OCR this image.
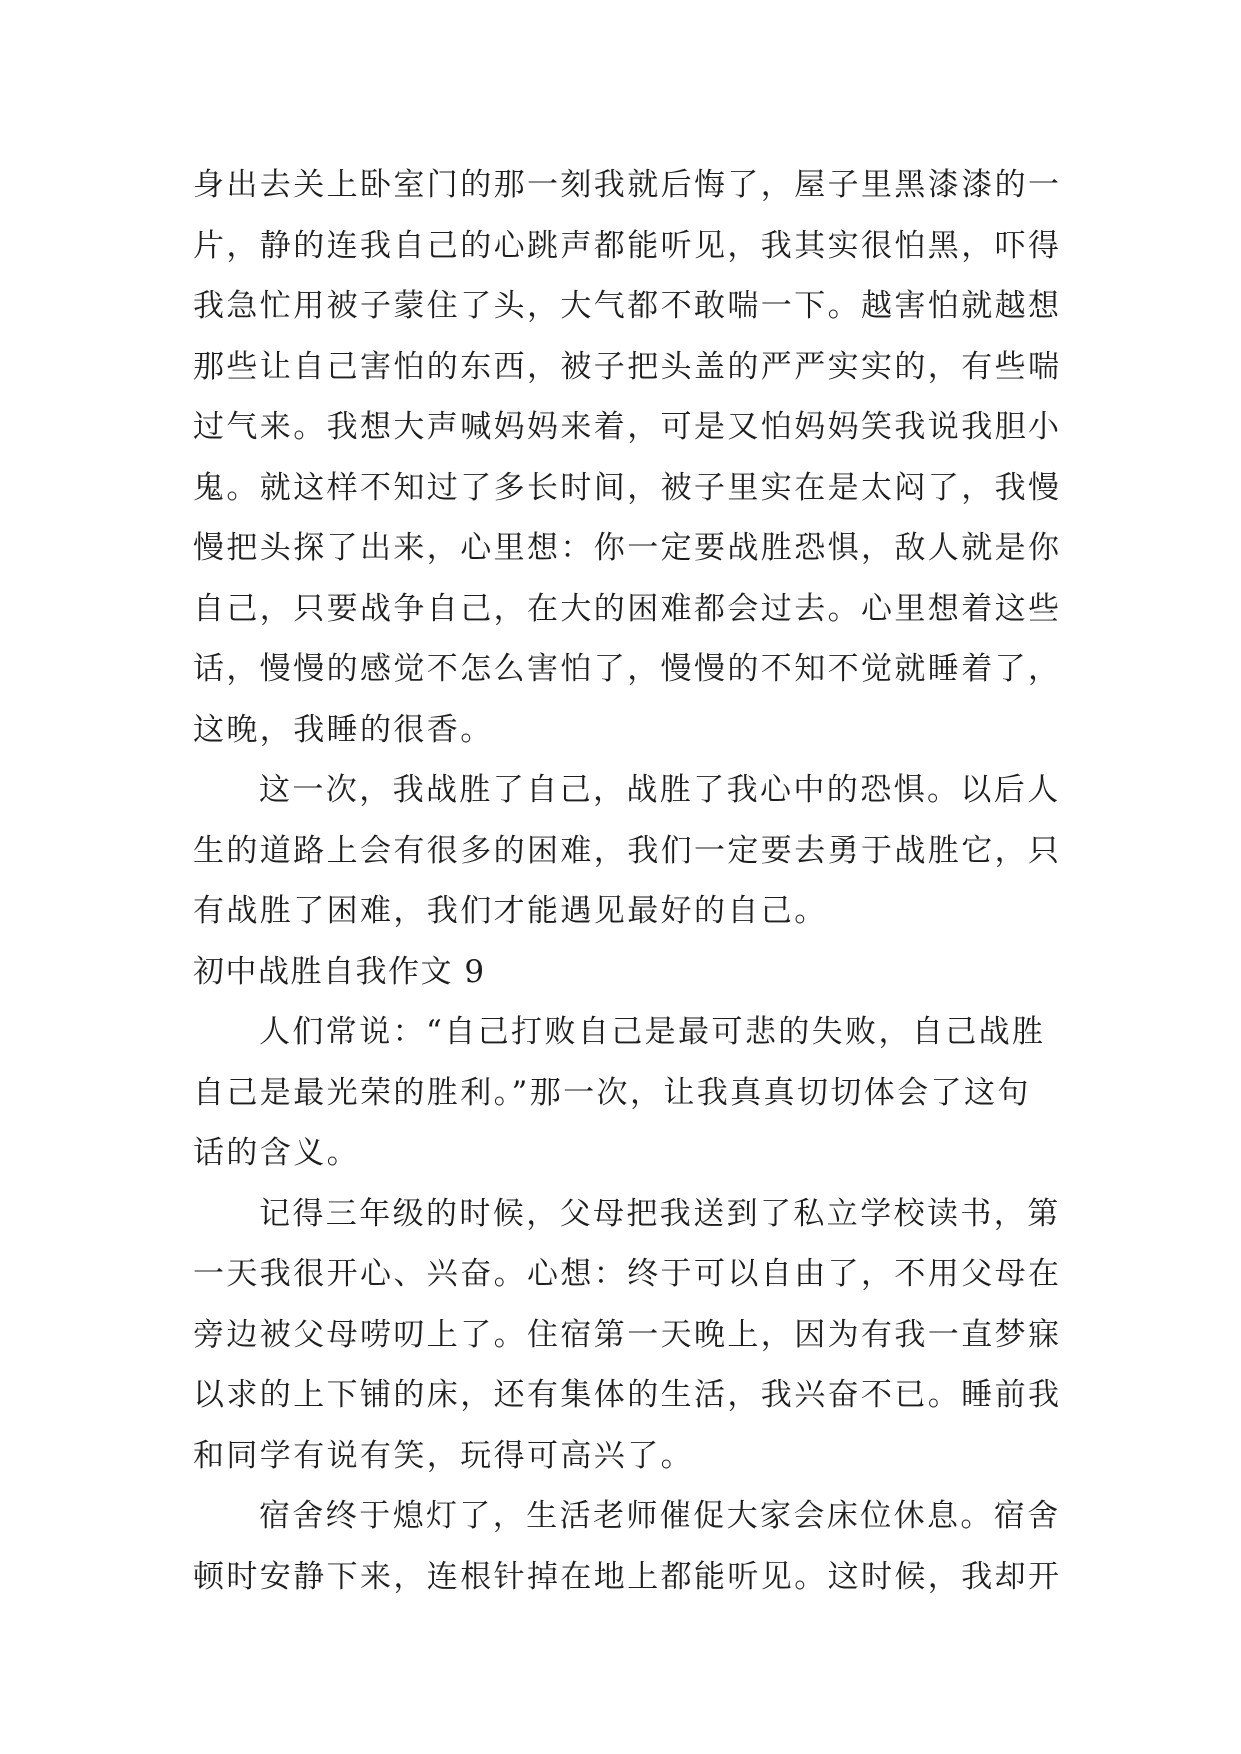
身出去关上卧室门的那一刻我就后悔了，屋子里黑漆漆的一
片，静的连我自己的心跳声都能听见，我其实很怕黑，吓得
我急忙用被子蒙住了头，大气都不敢喘一下。越害怕就越想
那些让自己害怕的东西，被子把头盖的严严实实的，有些喘
过气来。我想大声喊妈妈来着，可是又怕妈妈笑我说我胆小
鬼。就这样不知过了多长时间，被子里实在是太闷了，我慢
慢把头探了出来，心里想：你一定要战胜恐惧，敌人就是你
自己，只要战争自己，在大的困难都会过去。心里想着这些
话，慢慢的感觉不怎么害怕了，慢慢的不知不觉就睡着了，
这晚，我睡的很香。
这一次，我战胜了自己，战胜了我心中的恐惧。以后人
生的道路上会有很多的困难，我们一定要去勇于战胜它，只
有战胜了困难，我们才能遇见最好的自己。
初中战胜自我作文 9
人们常说：“自己打败自己是最可悲的失败，自己战胜
自己是最光荣的胜利。”那一次，让我真真切切体会了这句
话的含义。
记得三年级的时候，父母把我送到了私立学校读书，第
一天我很开心、兴奋。心想：终于可以自由了，不用父母在
旁边被父母唠叨上了。住宿第一天晚上，因为有我一直梦寐
以求的上下铺的床，还有集体的生活，我兴奋不已。睡前我
和同学有说有笑，玩得可高兴了。
宿舍终于熄灯了，生活老师催促大家会床位休息。宿舍
顿时安静下来，连根针掉在地上都能听见。这时候，我却开
